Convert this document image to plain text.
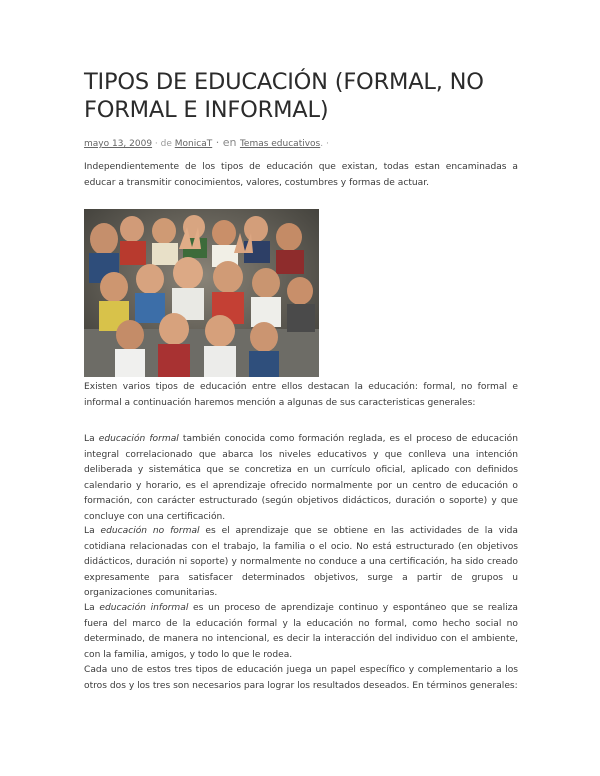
TIPOS DE EDUCACIÓN (FORMAL, NO FORMAL E INFORMAL)
mayo 13, 2009 · de MonicaT · en Temas educativos. ·

Independientemente de los tipos de educación que existan, todas estan encaminadas a educar a transmitir conocimientos, valores, costumbres y formas de actuar.

Existen varios tipos de educación entre ellos destacan la educación: formal, no formal e informal a continuación haremos mención a algunas de sus caracteristicas generales:

La educación formal también conocida como formación reglada, es el proceso de educación integral correlacionado que abarca los niveles educativos y que conlleva una intención deliberada y sistemática que se concretiza en un currículo oficial, aplicado con definidos calendario y horario, es el aprendizaje ofrecido normalmente por un centro de educación o formación, con carácter estructurado (según objetivos didácticos, duración o soporte) y que concluye con una certificación.

La educación no formal es el aprendizaje que se obtiene en las actividades de la vida cotidiana relacionadas con el trabajo, la familia o el ocio. No está estructurado (en objetivos didácticos, duración ni soporte) y normalmente no conduce a una certificación, ha sido creado expresamente para satisfacer determinados objetivos, surge a partir de grupos u organizaciones comunitarias.

La educación informal es un proceso de aprendizaje continuo y espontáneo que se realiza fuera del marco de la educación formal y la educación no formal, como hecho social no determinado, de manera no intencional, es decir la interacción del individuo con el ambiente, con la familia, amigos, y todo lo que le rodea.

Cada uno de estos tres tipos de educación juega un papel específico y complementario a los otros dos y los tres son necesarios para lograr los resultados deseados. En términos generales:
